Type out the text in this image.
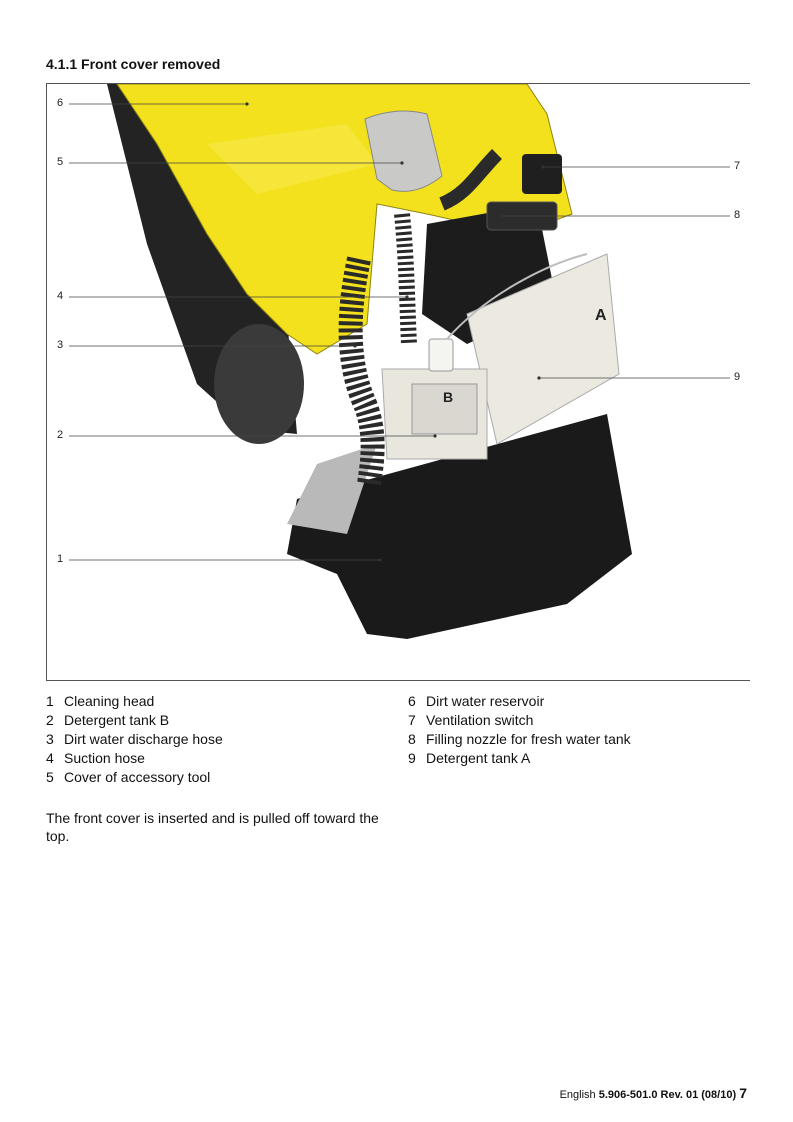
4.1.1 Front cover removed
A
B
6
5
4
3
2
1
7
8
9
1 Cleaning head
2 Detergent tank B
3 Dirt water discharge hose
4 Suction hose
5 Cover of accessory tool
6 Dirt water reservoir
7 Ventilation switch
8 Filling nozzle for fresh water tank
9 Detergent tank A
The front cover is inserted and is pulled off toward the top.
English 5.906-501.0 Rev. 01 (08/10) 7
